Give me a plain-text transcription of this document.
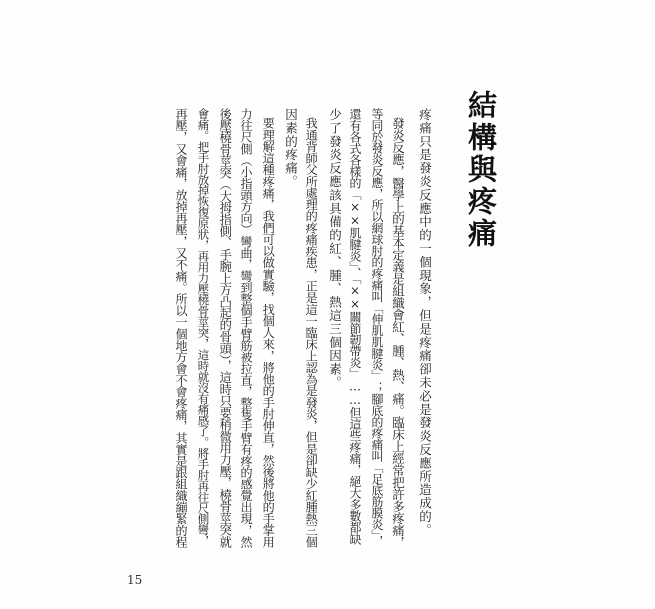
結構與疼痛
疼痛只是發炎反應中的一個現象，但是疼痛卻未必是發炎反應所造成的。
發炎反應，醫學上的基本定義是組織會紅、腫、熱、痛。臨床上經常把許多疼痛，
等同於發炎反應，所以網球肘的疼痛叫「伸肌肌腱炎」；腳底的疼痛叫「足底筋膜炎」，
還有各式各樣的「××肌腱炎」、「××關節韌帶炎」……但這些疼痛，絕大多數都缺
少了發炎反應該具備的紅、腫、熱這三個因素。
我通背師父所處理的疼痛疾患，正是這一臨床上認為是發炎，但是卻缺少紅腫熱三個
因素的疼痛。
要理解這種疼痛，我們可以做實驗，找個人來，將他的手肘伸直，然後將他的手掌用
力往尺側（小指頭方向）彎曲，彎到整個手臂筋被拉直，整隻手臂有疼的感覺出現，然
後壓橈骨莖突（大拇指側、手腕上方凸起的骨頭），這時只要稍微用力壓，橈骨莖突就
會痛。把手肘放掉恢復原狀，再用力壓橈骨莖突，這時就沒有痛感了。將手肘再往尺側彎，
再壓，又會痛，放掉再壓，又不痛。所以一個地方會不會疼痛，其實是跟組織繃緊的程
15
